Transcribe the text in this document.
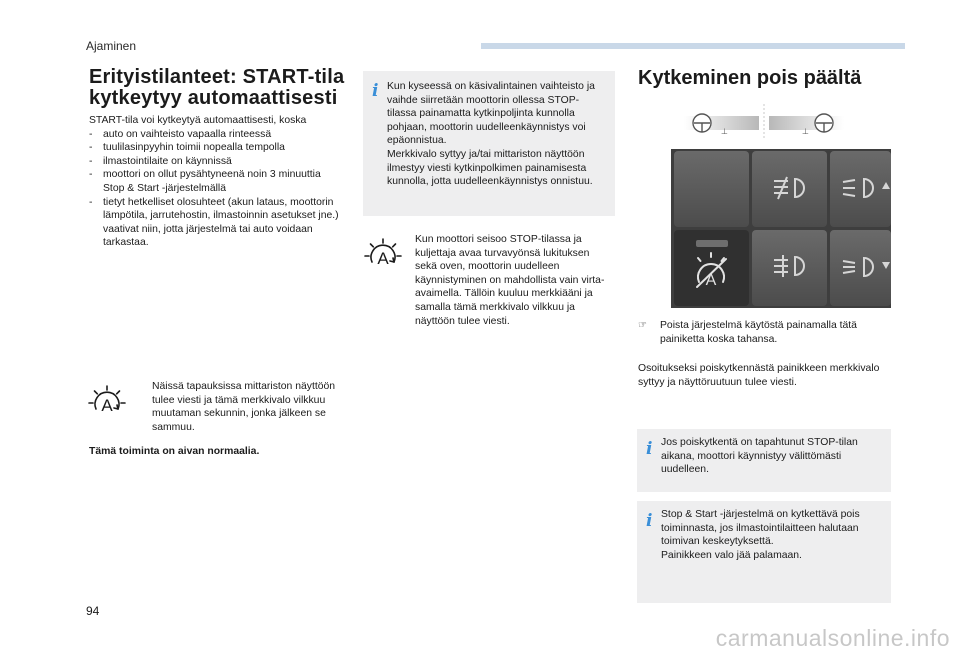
Ajaminen
Erityistilanteet: START-tila kytkeytyy automaattisesti
START-tila voi kytkeytyä automaattisesti, koska
- auto on vaihteisto vapaalla rinteessä
- tuulilasinpyyhin toimii nopealla tempolla
- ilmastointilaite on käynnissä
- moottori on ollut pysähtyneenä noin 3 minuuttia Stop & Start -järjestelmällä
- tietyt hetkelliset olosuhteet (akun lataus, moottorin lämpötila, jarrutehostin, ilmastoinnin asetukset jne.) vaativat niin, jotta järjestelmä tai auto voidaan tarkastaa.
A
Näissä tapauksissa mittariston näyttöön tulee viesti ja tämä merkkivalo vilkkuu muutaman sekunnin, jonka jälkeen se sammuu.
Tämä toiminta on aivan normaalia.
i Kun kyseessä on käsivalintainen vaihteisto ja vaihde siirretään moottorin ollessa STOP-tilassa painamatta kytkinpoljinta kunnolla pohjaan, moottorin uudelleenkäynnistys voi epäonnistua.
Merkkivalo syttyy ja/tai mittariston näyttöön ilmestyy viesti kytkinpolkimen painamisesta kunnolla, jotta uudelleenkäynnistys onnistuu.
A
Kun moottori seisoo STOP-tilassa ja kuljettaja avaa turvavyönsä lukituksen sekä oven, moottorin uudelleen käynnistyminen on mahdollista vain virta-avaimella. Tällöin kuuluu merkkiääni ja samalla tämä merkkivalo vilkkuu ja näyttöön tulee viesti.
Kytkeminen pois päältä
⊥	⊥
A
☞	Poista järjestelmä käytöstä painamalla tätä painiketta koska tahansa.
Osoitukseksi poiskytkennästä painikkeen merkkivalo syttyy ja näyttöruutuun tulee viesti.
i Jos poiskytkentä on tapahtunut STOP-tilan aikana, moottori käynnistyy välittömästi uudelleen.
i Stop & Start -järjestelmä on kytkettävä pois toiminnasta, jos ilmastointilaitteen halutaan toimivan keskeytyksettä.
Painikkeen valo jää palamaan.
94
carmanualsonline.info
